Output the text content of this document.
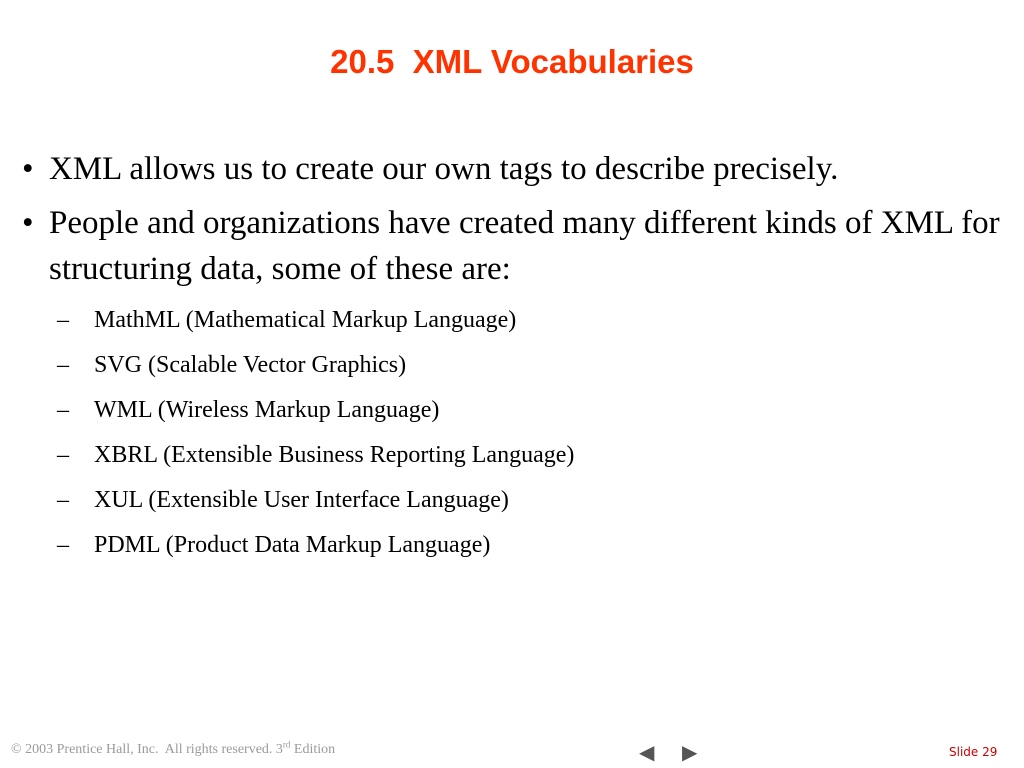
20.5  XML Vocabularies
• XML allows us to create our own tags to describe precisely.
• People and organizations have created many different kinds of XML for structuring data, some of these are:
– MathML (Mathematical Markup Language)
– SVG (Scalable Vector Graphics)
– WML (Wireless Markup Language)
– XBRL (Extensible Business Reporting Language)
– XUL (Extensible User Interface Language)
– PDML (Product Data Markup Language)
© 2003 Prentice Hall, Inc.  All rights reserved. 3rd Edition	◀ ▶	Slide 29
